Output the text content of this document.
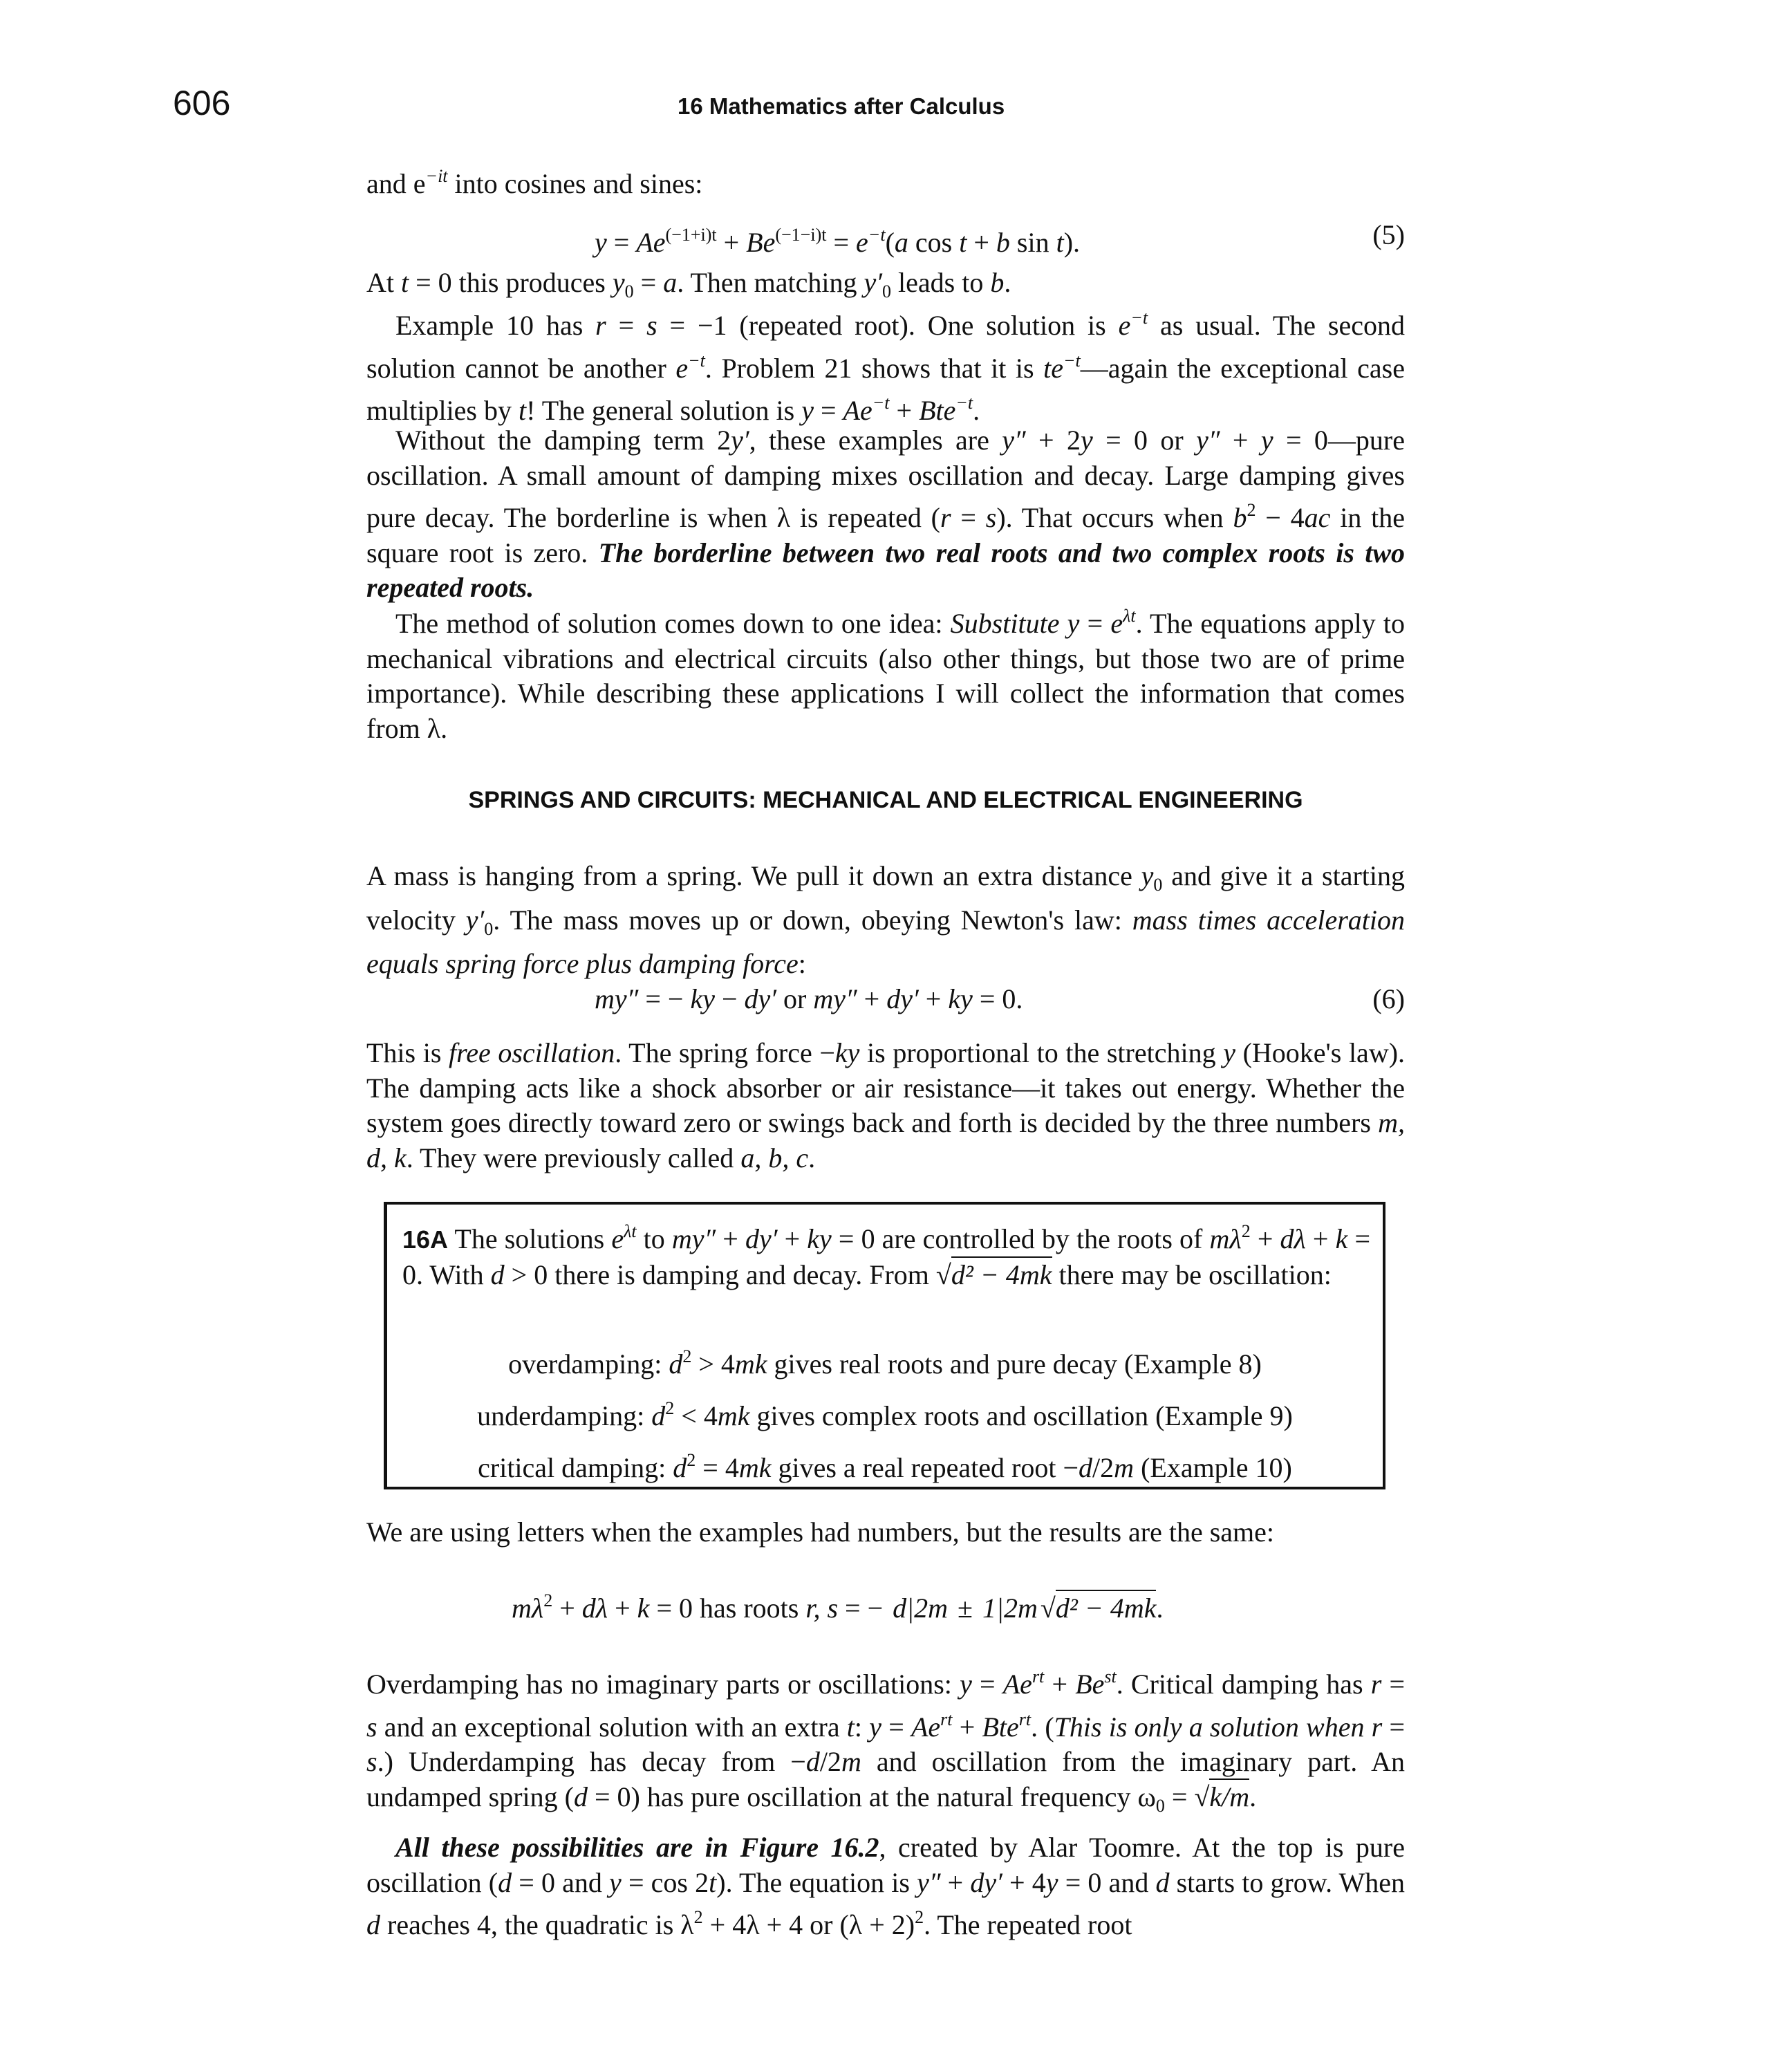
606	16 Mathematics after Calculus
and $e^{-it}$ into cosines and sines:
$y = Ae^{(-1+i)t} + Be^{(-1-i)t} = e^{-t}(a$ cos t + b sin t).	(5)
At t = 0 this produces $y_0 = a$. Then matching $y'_0$ leads to b.
Example 10 has r = s = −1 (repeated root). One solution is $e^{-t}$ as usual. The second solution cannot be another $e^{-t}$. Problem 21 shows that it is $te^{-t}—again$ the exceptional case multiplies by t! The general solution is $y = Ae^{-t} + Bte^{-t}$.
Without the damping term 2y′, these examples are y″ + 2y = 0 or y″ + y = 0—pure oscillation. A small amount of damping mixes oscillation and decay. Large damping gives pure decay. The borderline is when λ is repeated (r = s). That occurs when $b^2 - 4ac$ in the square root is zero. The borderline between two real roots and two complex roots is two repeated roots.
The method of solution comes down to one idea: Substitute $y = e^{\lambda t}$. The equations apply to mechanical vibrations and electrical circuits (also other things, but those two are of prime importance). While describing these applications I will collect the information that comes from λ.
SPRINGS AND CIRCUITS: MECHANICAL AND ELECTRICAL ENGINEERING
A mass is hanging from a spring. We pull it down an extra distance $y_0$ and give it a starting velocity $y'_0$. The mass moves up or down, obeying Newton's law: mass times acceleration equals spring force plus damping force:
my″ = − ky − dy′ or my″ + dy′ + ky = 0.	(6)
This is free oscillation. The spring force −ky is proportional to the stretching y (Hooke's law). The damping acts like a shock absorber or air resistance—it takes out energy. Whether the system goes directly toward zero or swings back and forth is decided by the three numbers m, d, k. They were previously called a, b, c.
16A The solutions $e^{\lambda t}$ to my″ + dy′ + ky = 0 are controlled by the roots of $m\lambda^2 + d\lambda + k = 0$. With d > 0 there is damping and decay. From √d² − 4mk there may be oscillation:
overdamping: $d^2 > 4mk$ gives real roots and pure decay (Example 8)
underdamping: $d^2 < 4mk$ gives complex roots and oscillation (Example 9)
critical damping: $d^2 = 4mk$ gives a real repeated root −d/2m (Example 10)
We are using letters when the examples had numbers, but the results are the same:
$m\lambda^2 + d\lambda + k = 0$ has roots r, s = − d|2m ± 1|2m √d² − 4mk.
Overdamping has no imaginary parts or oscillations: $y = Ae^{rt} + Be^{st}$. Critical damping has r = s and an exceptional solution with an extra t: $y = Ae^{rt} + Bte^{rt}$. (This is only a solution when r = s.) Underdamping has decay from −d/2m and oscillation from the imaginary part. An undamped spring (d = 0) has pure oscillation at the natural frequency $\omega_0 = √k/m$.
All these possibilities are in Figure 16.2, created by Alar Toomre. At the top is pure oscillation (d = 0 and y = cos 2t). The equation is y″ + dy′ + 4y = 0 and d starts to grow. When d reaches 4, the quadratic is $\lambda^2 + 4\lambda + 4$ or $(\lambda + 2)^2$. The repeated root
